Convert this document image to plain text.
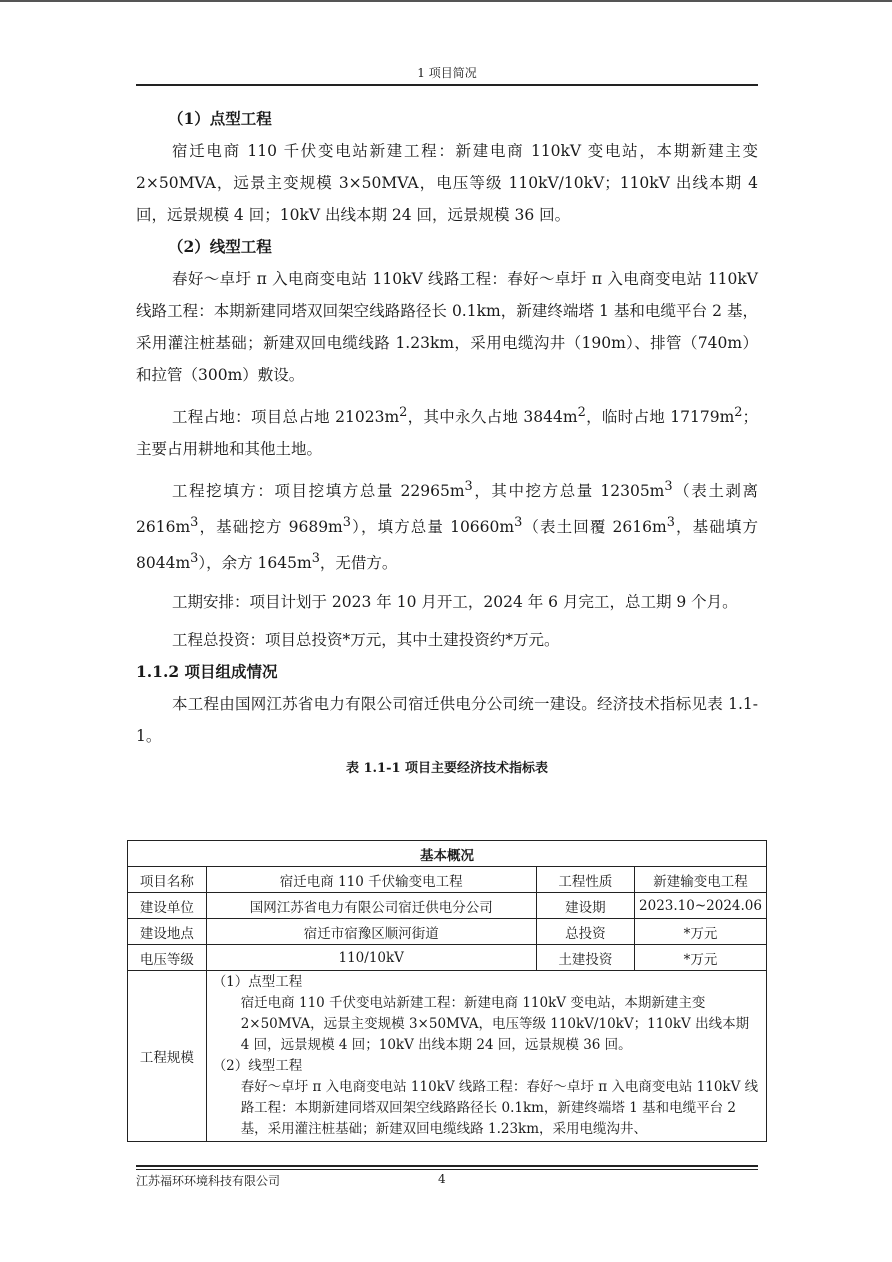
1 项目简况

（1）点型工程

宿迁电商 110 千伏变电站新建工程：新建电商 110kV 变电站，本期新建主变 2×50MVA，远景主变规模 3×50MVA，电压等级 110kV/10kV；110kV 出线本期 4 回，远景规模 4 回；10kV 出线本期 24 回，远景规模 36 回。

（2）线型工程

春好～卓圩 π 入电商变电站 110kV 线路工程：春好～卓圩 π 入电商变电站 110kV 线路工程：本期新建同塔双回架空线路路径长 0.1km，新建终端塔 1 基和电缆平台 2 基，采用灌注桩基础；新建双回电缆线路 1.23km，采用电缆沟井（190m）、排管（740m）和拉管（300m）敷设。

工程占地：项目总占地 $21023m^2$，其中永久占地 $3844m^2$，临时占地 $17179m^2$；主要占用耕地和其他土地。

工程挖填方：项目挖填方总量 $22965m^3$，其中挖方总量 $12305m^3$（表土剥离 $2616m^3$，基础挖方 $9689m^3$），填方总量 $10660m^3$（表土回覆 $2616m^3$，基础填方 $8044m^3$），余方 $1645m^3$，无借方。

工期安排：项目计划于 2023 年 10 月开工，2024 年 6 月完工，总工期 9 个月。

工程总投资：项目总投资*万元，其中土建投资约*万元。

1.1.2 项目组成情况

本工程由国网江苏省电力有限公司宿迁供电分公司统一建设。经济技术指标见表 1.1-1。

表 1.1-1 项目主要经济技术指标表

基本概况			
项目名称	宿迁电商 110 千伏输变电工程	工程性质	新建输变电工程
建设单位	国网江苏省电力有限公司宿迁供电分公司	建设期	2023.10~2024.06
建设地点	宿迁市宿豫区顺河街道	总投资	*万元
电压等级	110/10kV	土建投资	*万元
工程规模	（1）点型工程
宿迁电商 110 千伏变电站新建工程：新建电商 110kV 变电站，本期新建主变 2×50MVA，远景主变规模 3×50MVA，电压等级 110kV/10kV；110kV 出线本期 4 回，远景规模 4 回；10kV 出线本期 24 回，远景规模 36 回。
（2）线型工程
春好～卓圩 π 入电商变电站 110kV 线路工程：春好～卓圩 π 入电商变电站 110kV 线路工程：本期新建同塔双回架空线路路径长 0.1km，新建终端塔 1 基和电缆平台 2 基，采用灌注桩基础；新建双回电缆线路 1.23km，采用电缆沟井、		
江苏福环环境科技有限公司	4
